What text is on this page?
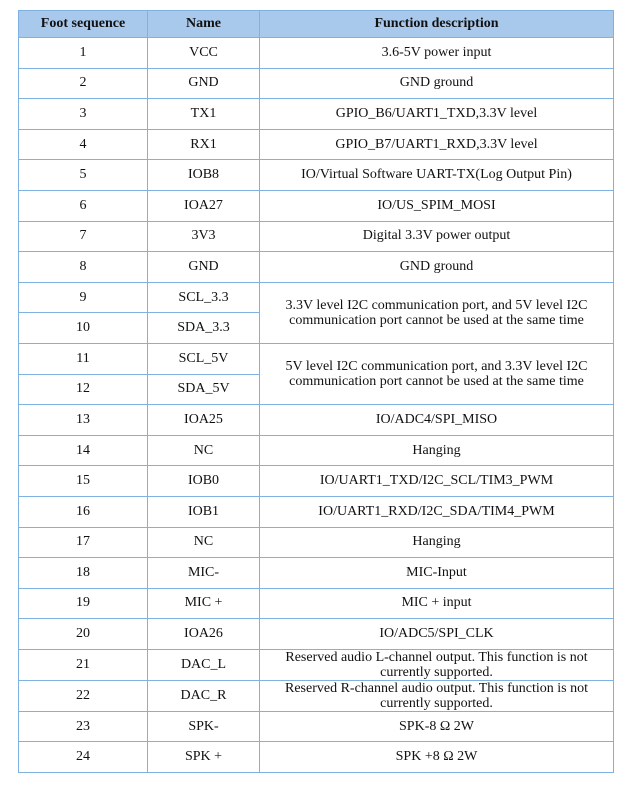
Foot sequence	Name	Function description
1	VCC	3.6-5V power input
2	GND	GND ground
3	TX1	GPIO_B6/UART1_TXD,3.3V level
4	RX1	GPIO_B7/UART1_RXD,3.3V level
5	IOB8	IO/Virtual Software UART-TX(Log Output Pin)
6	IOA27	IO/US_SPIM_MOSI
7	3V3	Digital 3.3V power output
8	GND	GND ground
9	SCL_3.3	3.3V level I2C communication port, and 5V level I2C communication port cannot be used at the same time
10	SDA_3.3	
11	SCL_5V	5V level I2C communication port, and 3.3V level I2C communication port cannot be used at the same time
12	SDA_5V	
13	IOA25	IO/ADC4/SPI_MISO
14	NC	Hanging
15	IOB0	IO/UART1_TXD/I2C_SCL/TIM3_PWM
16	IOB1	IO/UART1_RXD/I2C_SDA/TIM4_PWM
17	NC	Hanging
18	MIC-	MIC-Input
19	MIC +	MIC + input
20	IOA26	IO/ADC5/SPI_CLK
21	DAC_L	Reserved audio L-channel output. This function is not currently supported.
22	DAC_R	Reserved R-channel audio output. This function is not currently supported.
23	SPK-	SPK-8 Ω 2W
24	SPK +	SPK +8 Ω 2W
